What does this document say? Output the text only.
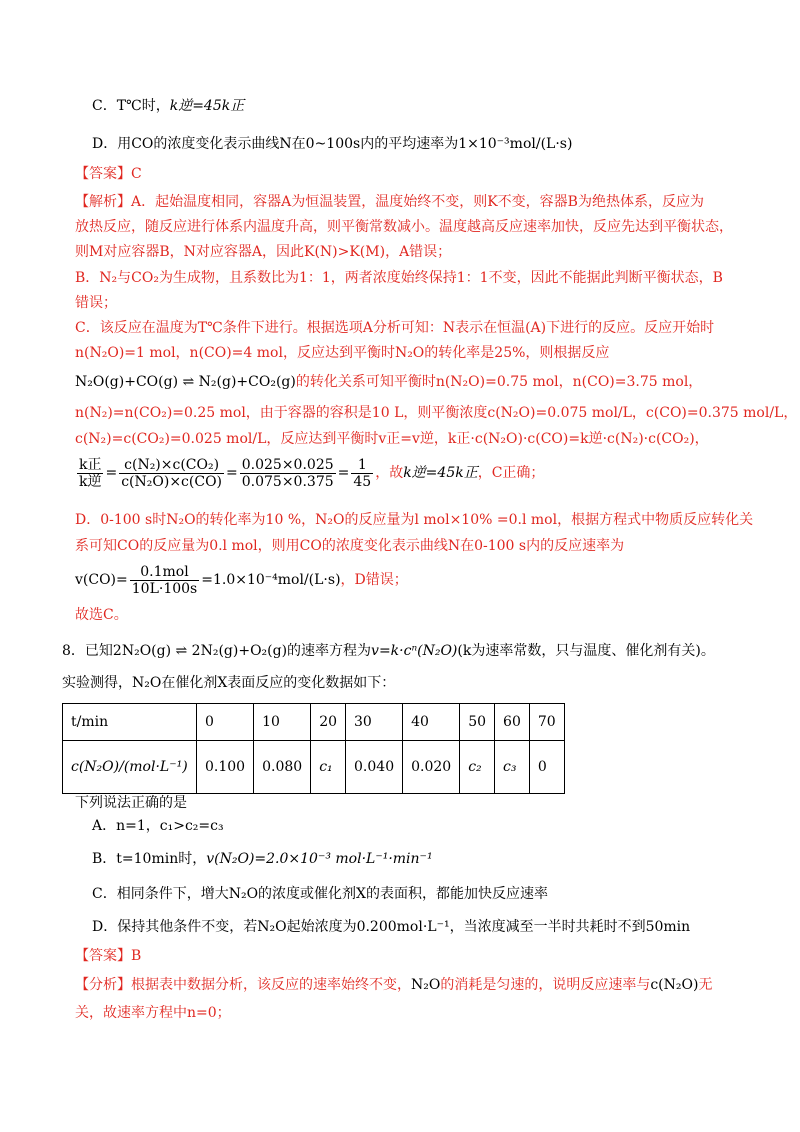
C．T℃时，k逆=45k正
D．用CO的浓度变化表示曲线N在0~100s内的平均速率为1×10⁻³mol/(L·s)
【答案】C
【解析】A．起始温度相同，容器A为恒温装置，温度始终不变，则K不变，容器B为绝热体系，反应为
放热反应，随反应进行体系内温度升高，则平衡常数减小。温度越高反应速率加快，反应先达到平衡状态，
则M对应容器B，N对应容器A，因此K(N)>K(M)，A错误；
B．N₂与CO₂为生成物，且系数比为1：1，两者浓度始终保持1：1不变，因此不能据此判断平衡状态，B
错误；
C．该反应在温度为T℃条件下进行。根据选项A分析可知：N表示在恒温(A)下进行的反应。反应开始时
n(N₂O)=1 mol，n(CO)=4 mol，反应达到平衡时N₂O的转化率是25%，则根据反应
N₂O(g)+CO(g) ⇌ N₂(g)+CO₂(g)的转化关系可知平衡时n(N₂O)=0.75 mol，n(CO)=3.75 mol，
n(N₂)=n(CO₂)=0.25 mol，由于容器的容积是10 L，则平衡浓度c(N₂O)=0.075 mol/L，c(CO)=0.375 mol/L，
c(N₂)=c(CO₂)=0.025 mol/L，反应达到平衡时v正=v逆，k正·c(N₂O)·c(CO)=k逆·c(N₂)·c(CO₂)，
$\frac{\text{k正}}{\text{k逆}} = \frac{\text{c(N₂)×c(CO₂)}}{\text{c(N₂O)×c(CO)}} = \frac{0.025\times 0.025}{0.075\times 0.375} = \frac{1}{45}$ ，故k逆=45k正，C正确；
D．0-100 s时N₂O的转化率为10 %，N₂O的反应量为l mol×10% =0.l mol，根据方程式中物质反应转化关
系可知CO的反应量为0.l mol，则用CO的浓度变化表示曲线N在0-100 s内的反应速率为
$v(CO)= \frac{\text{0.1mol}}{10L\cdot 100s} =1.0\times 10^{-4}mol/(L\cdot s)$，D错误；
故选C。
8．已知2N₂O(g) ⇌ 2N₂(g)+O₂(g)的速率方程为v=k·cⁿ(N₂O)(k为速率常数，只与温度、催化剂有关)。
实验测得，N₂O在催化剂X表面反应的变化数据如下：
t/min	0	10	20	30	40	50	60	70
c(N₂O)/(mol·L⁻¹)	0.100	0.080	c₁	0.040	0.020	c₂	c₃	0
下列说法正确的是
A．n=1，c₁>c₂=c₃
B．t=10min时，v(N₂O)=2.0×10⁻³ mol·L⁻¹·min⁻¹
C．相同条件下，增大N₂O的浓度或催化剂X的表面积，都能加快反应速率
D．保持其他条件不变，若N₂O起始浓度为0.200mol·L⁻¹，当浓度减至一半时共耗时不到50min
【答案】B
【分析】根据表中数据分析，该反应的速率始终不变，N₂O的消耗是匀速的，说明反应速率与c(N₂O)无
关，故速率方程中n=0；
